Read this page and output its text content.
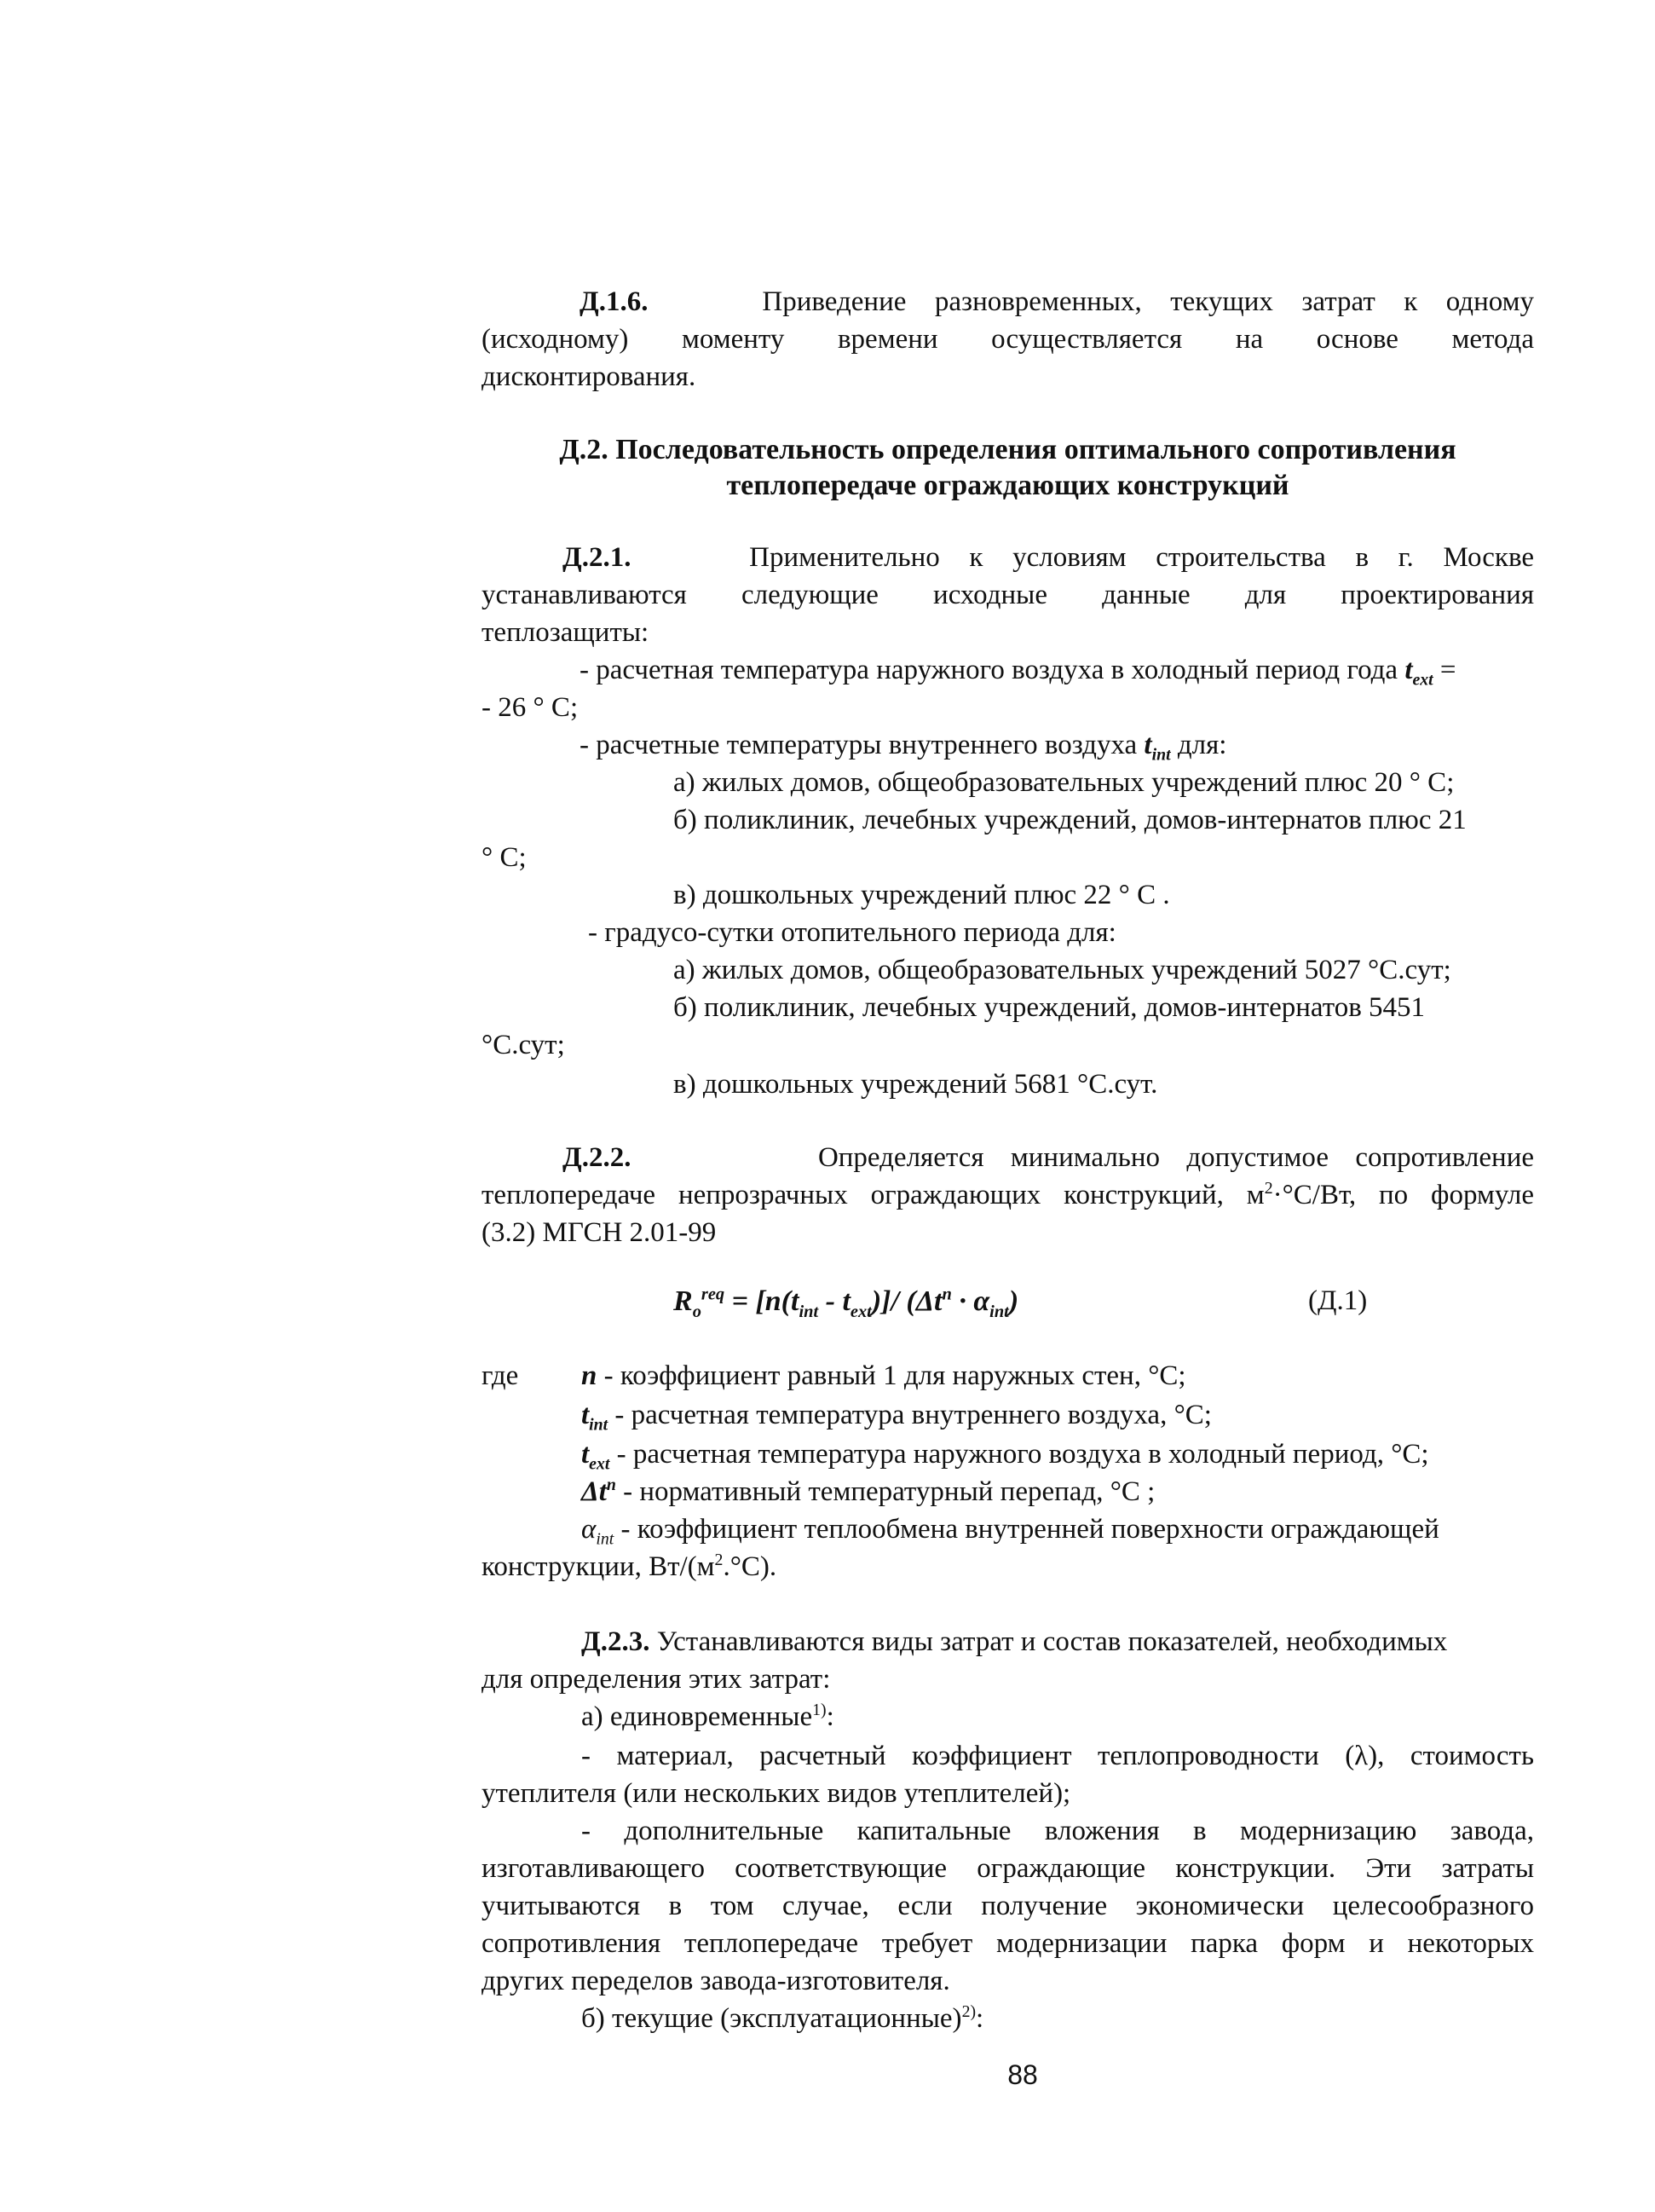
Д.1.6.	Приведение разновременных, текущих затрат к одному
(исходному) моменту времени осуществляется на основе метода
дисконтирования.
Д.2. Последовательность определения оптимального сопротивления
теплопередаче ограждающих конструкций
Д.2.1.	Применительно к условиям строительства в г. Москве
устанавливаются следующие исходные данные для проектирования
теплозащиты:
- расчетная температура наружного воздуха в холодный период года $t_{ext}$ =
- 26 ° С;
- расчетные температуры внутреннего воздуха $t_{int}$ для:
а) жилых домов, общеобразовательных учреждений плюс 20 ° С;
б) поликлиник, лечебных учреждений, домов-интернатов плюс 21
° С;
в) дошкольных учреждений плюс 22 ° С .
- градусо-сутки отопительного периода для:
а) жилых домов, общеобразовательных учреждений 5027 °С.сут;
б) поликлиник, лечебных учреждений, домов-интернатов 5451
°С.сут;
в) дошкольных учреждений 5681 °С.сут.
Д.2.2.	Определяется минимально допустимое сопротивление
теплопередаче непрозрачных ограждающих конструкций, $м^2\cdot^\circ С/Вт$, по формуле
(3.2) МГСН 2.01-99
$R_o^{req} = [n(t_{int} - t_{ext})]/$ $(\Delta t^n \cdot \alpha_{int})$	(Д.1)
где n - коэффициент равный 1 для наружных стен, °С;
$t_{int}$ - расчетная температура внутреннего воздуха, °С;
$t_{ext}$ - расчетная температура наружного воздуха в холодный период, °С;
$\Delta t^n$ - нормативный температурный перепад, °С ;
$\alpha_{int}$ - коэффициент теплообмена внутренней поверхности ограждающей
конструкции, $Вт/(м^2.^\circ С)$.
Д.2.3. Устанавливаются виды затрат и состав показателей, необходимых
для определения этих затрат:
а) единовременные$^{1)}$:
- материал, расчетный коэффициент теплопроводности (λ), стоимость
утеплителя (или нескольких видов утеплителей);
- дополнительные капитальные вложения в модернизацию завода,
изготавливающего соответствующие ограждающие конструкции. Эти затраты
учитываются в том случае, если получение экономически целесообразного
сопротивления теплопередаче требует модернизации парка форм и некоторых
других переделов завода-изготовителя.
б) текущие (эксплуатационные)$^{2)}$:
88
